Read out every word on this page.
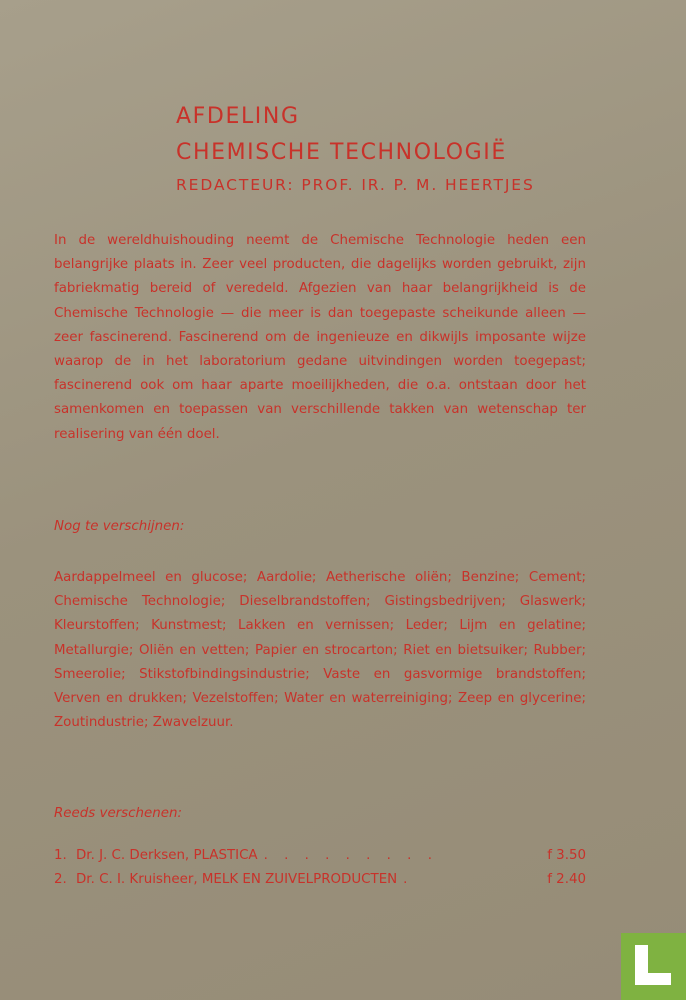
AFDELING
CHEMISCHE TECHNOLOGIË
REDACTEUR: PROF. IR. P. M. HEERTJES
In de wereldhuishouding neemt de Chemische Technologie heden een belangrijke plaats in. Zeer veel producten, die dagelijks worden gebruikt, zijn fabriekmatig bereid of veredeld. Afgezien van haar belangrijkheid is de Chemische Technologie — die meer is dan toegepaste scheikunde alleen — zeer fascinerend. Fascinerend om de ingenieuze en dikwijls imposante wijze waarop de in het laboratorium gedane uitvindingen worden toegepast; fascinerend ook om haar aparte moeilijkheden, die o.a. ontstaan door het samenkomen en toepassen van verschillende takken van wetenschap ter realisering van één doel.
Nog te verschijnen:
Aardappelmeel en glucose; Aardolie; Aetherische oliën; Benzine; Cement; Chemische Technologie; Dieselbrandstoffen; Gistingsbedrijven; Glaswerk; Kleurstoffen; Kunstmest; Lakken en vernissen; Leder; Lijm en gelatine; Metallurgie; Oliën en vetten; Papier en strocarton; Riet en bietsuiker; Rubber; Smeerolie; Stikstofbindingsindustrie; Vaste en gasvormige brandstoffen; Verven en drukken; Vezelstoffen; Water en waterreiniging; Zeep en glycerine; Zoutindustrie; Zwavelzuur.
Reeds verschenen:
1. Dr. J. C. Derksen, PLASTICA . . . . . . . . .	f 3.50
2. Dr. C. I. Kruisheer, MELK EN ZUIVELPRODUCTEN .	f 2.40
